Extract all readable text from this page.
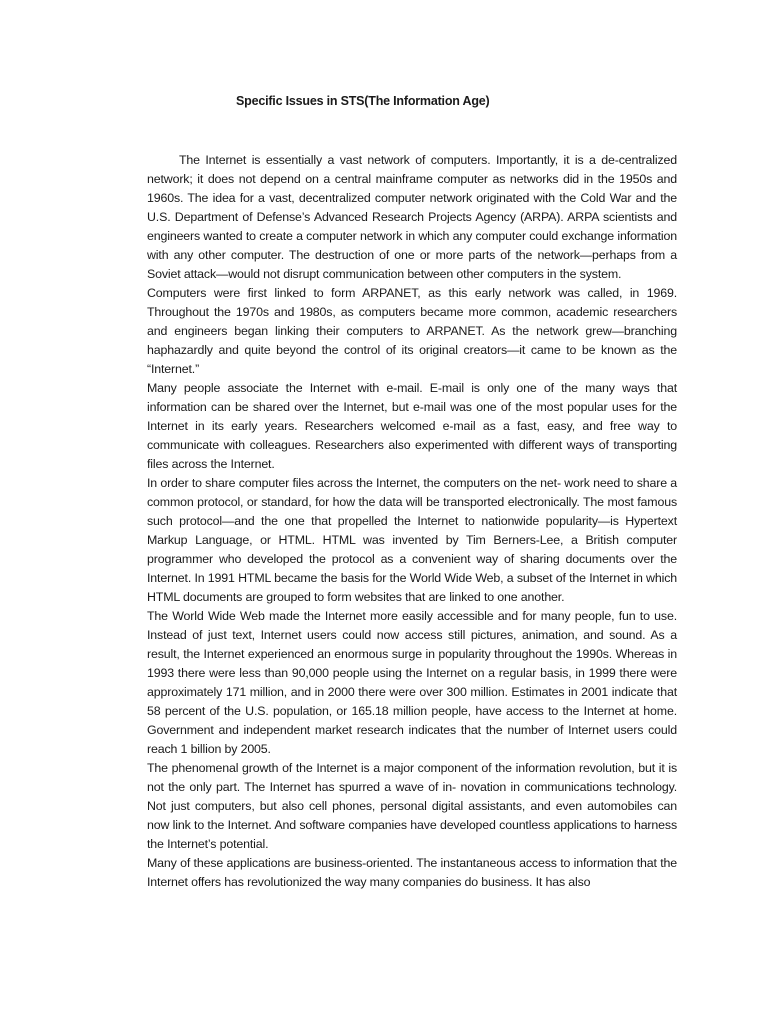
Specific Issues in STS(The Information Age)

The Internet is essentially a vast network of computers. Importantly, it is a de-centralized network; it does not depend on a central mainframe computer as networks did in the 1950s and 1960s. The idea for a vast, decentralized computer network originated with the Cold War and the U.S. Department of Defense’s Advanced Research Projects Agency (ARPA). ARPA scientists and engineers wanted to create a computer network in which any computer could exchange information with any other computer. The destruction of one or more parts of the network—perhaps from a Soviet attack—would not disrupt communication between other computers in the system.

Computers were first linked to form ARPANET, as this early network was called, in 1969. Throughout the 1970s and 1980s, as computers became more common, academic researchers and engineers began linking their computers to ARPANET. As the network grew—branching haphazardly and quite beyond the control of its original creators—it came to be known as the “Internet.”

Many people associate the Internet with e-mail. E-mail is only one of the many ways that information can be shared over the Internet, but e-mail was one of the most popular uses for the Internet in its early years. Researchers welcomed e-mail as a fast, easy, and free way to communicate with colleagues. Researchers also experimented with different ways of transporting files across the Internet.

In order to share computer files across the Internet, the computers on the net- work need to share a common protocol, or standard, for how the data will be transported electronically. The most famous such protocol—and the one that propelled the Internet to nationwide popularity—is Hypertext Markup Language, or HTML. HTML was invented by Tim Berners-Lee, a British computer programmer who developed the protocol as a convenient way of sharing documents over the Internet. In 1991 HTML became the basis for the World Wide Web, a subset of the Internet in which HTML documents are grouped to form websites that are linked to one another.

The World Wide Web made the Internet more easily accessible and for many people, fun to use. Instead of just text, Internet users could now access still pictures, animation, and sound. As a result, the Internet experienced an enormous surge in popularity throughout the 1990s. Whereas in 1993 there were less than 90,000 people using the Internet on a regular basis, in 1999 there were approximately 171 million, and in 2000 there were over 300 million. Estimates in 2001 indicate that 58 percent of the U.S. population, or 165.18 million people, have access to the Internet at home. Government and independent market research indicates that the number of Internet users could reach 1 billion by 2005.

The phenomenal growth of the Internet is a major component of the information revolution, but it is not the only part. The Internet has spurred a wave of in- novation in communications technology. Not just computers, but also cell phones, personal digital assistants, and even automobiles can now link to the Internet. And software companies have developed countless applications to harness the Internet’s potential.

Many of these applications are business-oriented. The instantaneous access to information that the Internet offers has revolutionized the way many companies do business. It has also
